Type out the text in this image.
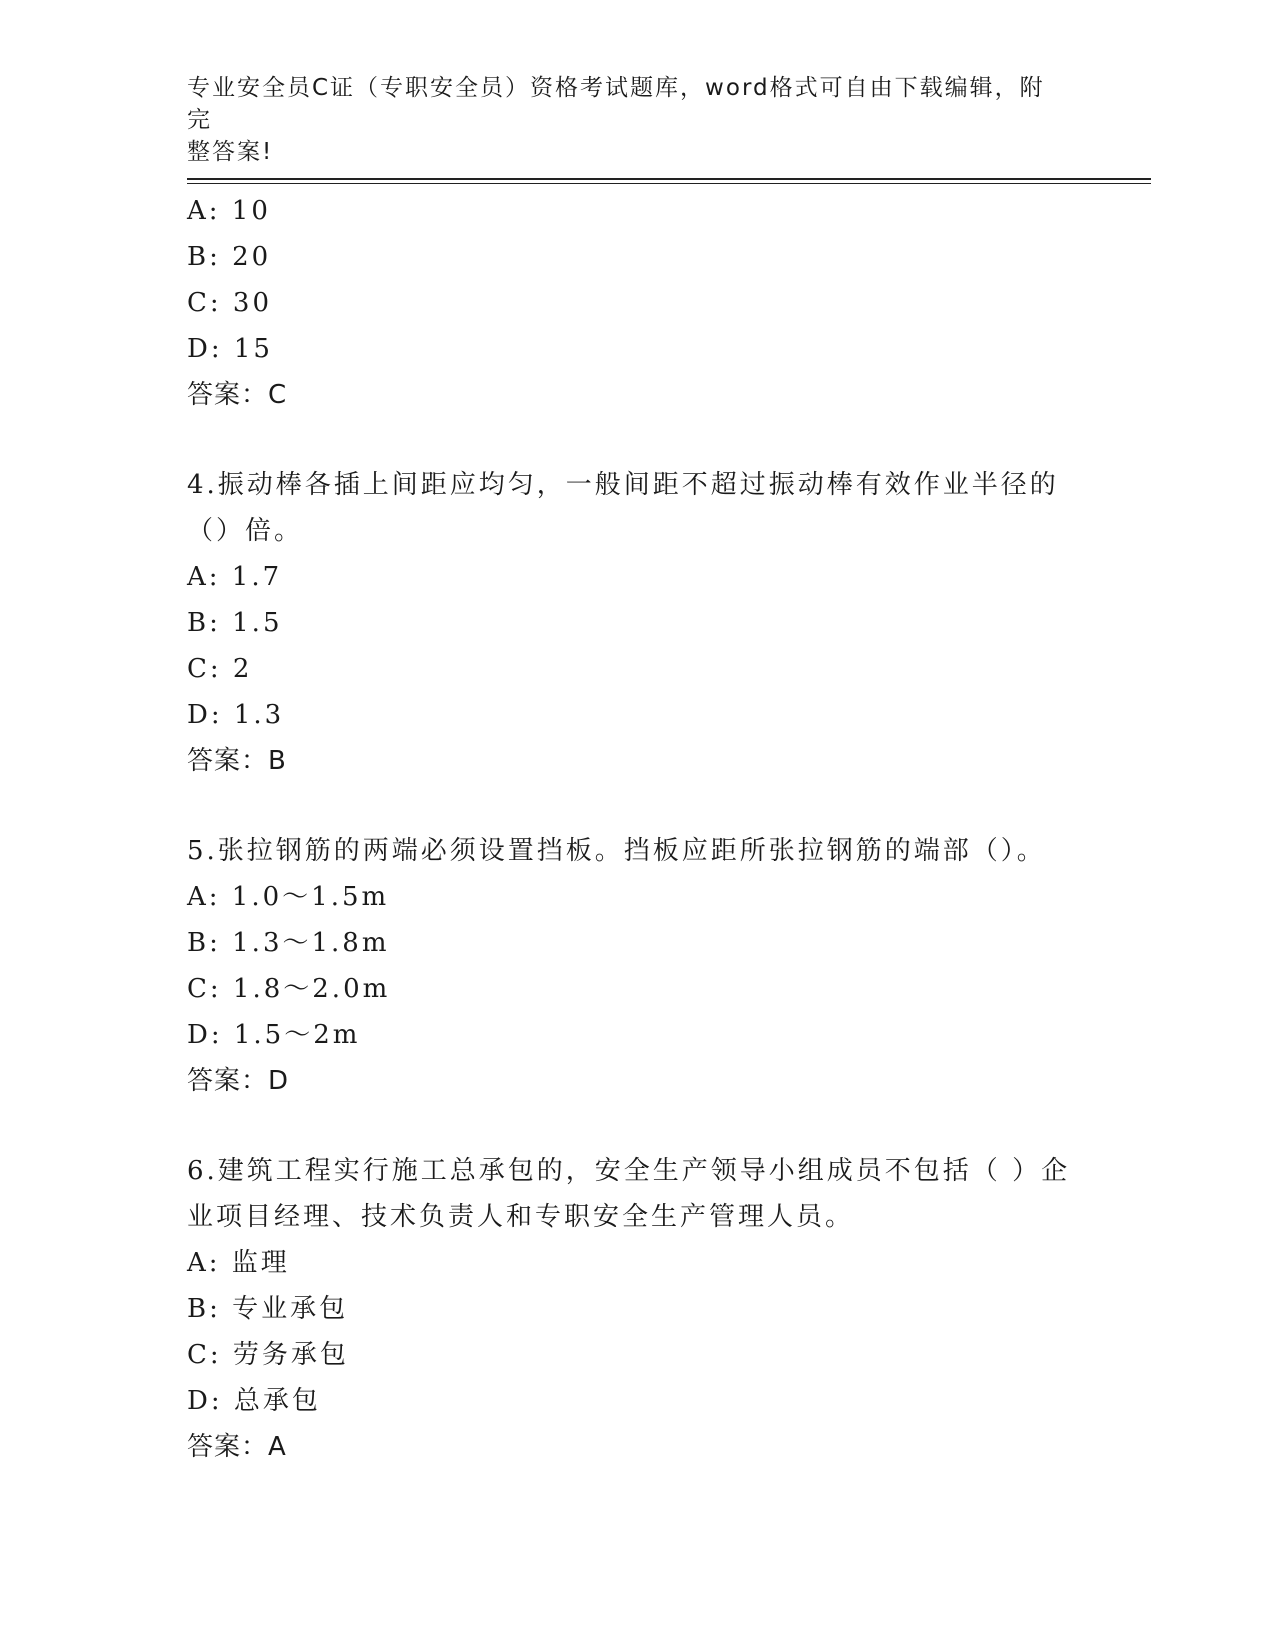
专业安全员C证（专职安全员）资格考试题库，word格式可自由下载编辑，附完
整答案!
A: 10
B: 20
C: 30
D: 15
答案：C
4.振动棒各插上间距应均匀，一般间距不超过振动棒有效作业半径的
（）倍。
A: 1.7
B: 1.5
C: 2
D: 1.3
答案：B
5.张拉钢筋的两端必须设置挡板。挡板应距所张拉钢筋的端部（）。
A: 1.0～1.5m
B: 1.3～1.8m
C: 1.8～2.0m
D: 1.5～2m
答案：D
6.建筑工程实行施工总承包的，安全生产领导小组成员不包括（ ）企
业项目经理、技术负责人和专职安全生产管理人员。
A: 监理
B: 专业承包
C: 劳务承包
D: 总承包
答案：A
